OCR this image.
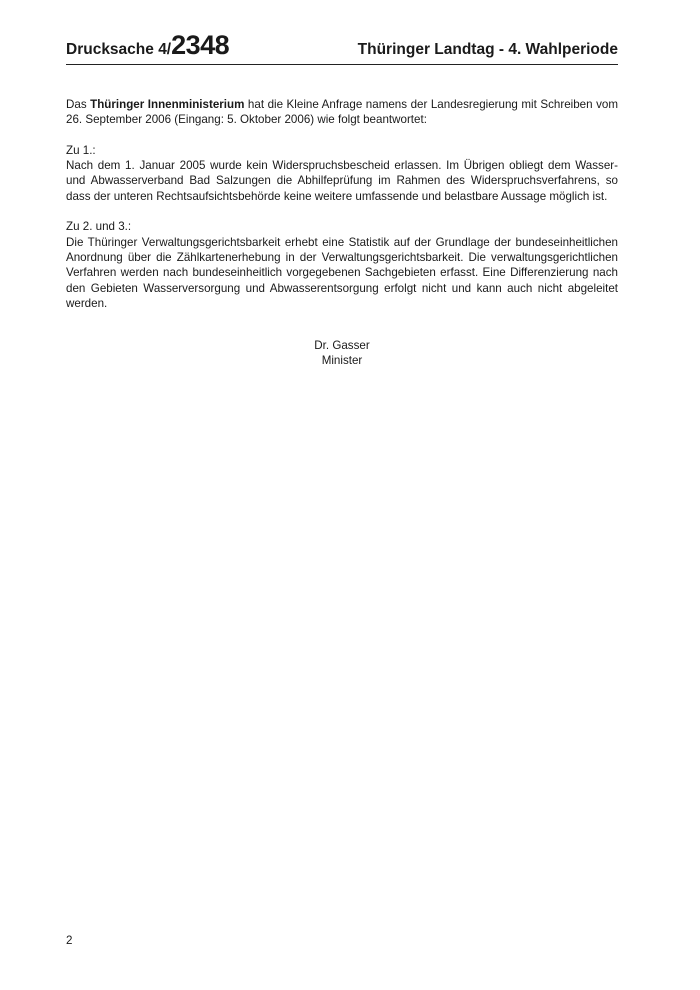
Drucksache 4/2348	Thüringer Landtag - 4. Wahlperiode

Das Thüringer Innenministerium hat die Kleine Anfrage namens der Landesregierung mit Schreiben vom 26. September 2006 (Eingang: 5. Oktober 2006) wie folgt beantwortet:

Zu 1.:
Nach dem 1. Januar 2005 wurde kein Widerspruchsbescheid erlassen. Im Übrigen obliegt dem Wasser- und Abwasserverband Bad Salzungen die Abhilfeprüfung im Rahmen des Widerspruchsverfahrens, so dass der unteren Rechtsaufsichtsbehörde keine weitere umfassende und belastbare Aussage möglich ist.

Zu 2. und 3.:
Die Thüringer Verwaltungsgerichtsbarkeit erhebt eine Statistik auf der Grundlage der bundeseinheitlichen Anordnung über die Zählkartenerhebung in der Verwaltungsgerichtsbarkeit. Die verwaltungsgerichtlichen Verfahren werden nach bundeseinheitlich vorgegebenen Sachgebieten erfasst. Eine Differenzierung nach den Gebieten Wasserversorgung und Abwasserentsorgung erfolgt nicht und kann auch nicht abgeleitet werden.

Dr. Gasser
Minister
2
